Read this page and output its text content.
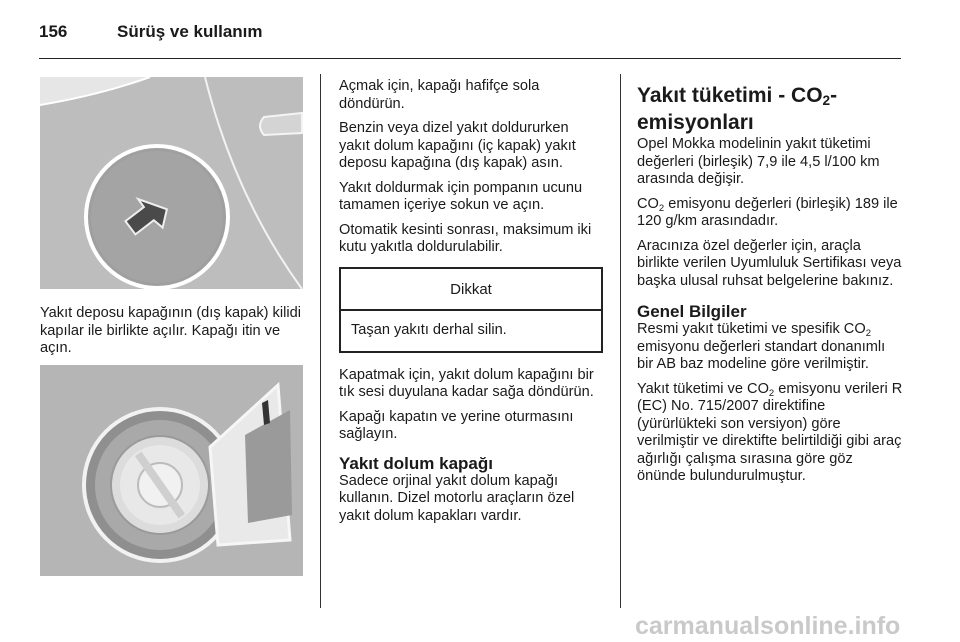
156	Sürüş ve kullanım
Yakıt deposu kapağının (dış kapak) kilidi kapılar ile birlikte açılır. Kapağı itin ve açın.

Açmak için, kapağı hafifçe sola döndürün.

Benzin veya dizel yakıt doldururken yakıt dolum kapağını (iç kapak) yakıt deposu kapağına (dış kapak) asın.

Yakıt doldurmak için pompanın ucunu tamamen içeriye sokun ve açın.

Otomatik kesinti sonrası, maksimum iki kutu yakıtla doldurulabilir.

Dikkat
Taşan yakıtı derhal silin.

Kapatmak için, yakıt dolum kapağını bir tık sesi duyulana kadar sağa döndürün.

Kapağı kapatın ve yerine oturmasını sağlayın.

Yakıt dolum kapağı

Sadece orjinal yakıt dolum kapağı kullanın. Dizel motorlu araçların özel yakıt dolum kapakları vardır.

Yakıt tüketimi - $CO_2-$
emisyonları

Opel Mokka modelinin yakıt tüketimi değerleri (birleşik) 7,9 ile 4,5 l/100 km arasında değişir.

$CO_2$ emisyonu değerleri (birleşik) 189 ile 120 g/km arasındadır.

Aracınıza özel değerler için, araçla birlikte verilen Uyumluluk Sertifikası veya başka ulusal ruhsat belgelerine bakınız.

Genel Bilgiler

Resmi yakıt tüketimi ve spesifik $CO_2$ emisyonu değerleri standart donanımlı bir AB baz modeline göre verilmiştir.

Yakıt tüketimi ve $CO_2$ emisyonu verileri R (EC) No. 715/2007 direktifine (yürürlükteki son versiyon) göre verilmiştir ve direktifte belirtildiği gibi araç ağırlığı çalışma sırasına göre göz önünde bulundurulmuştur.

carmanualsonline.info
